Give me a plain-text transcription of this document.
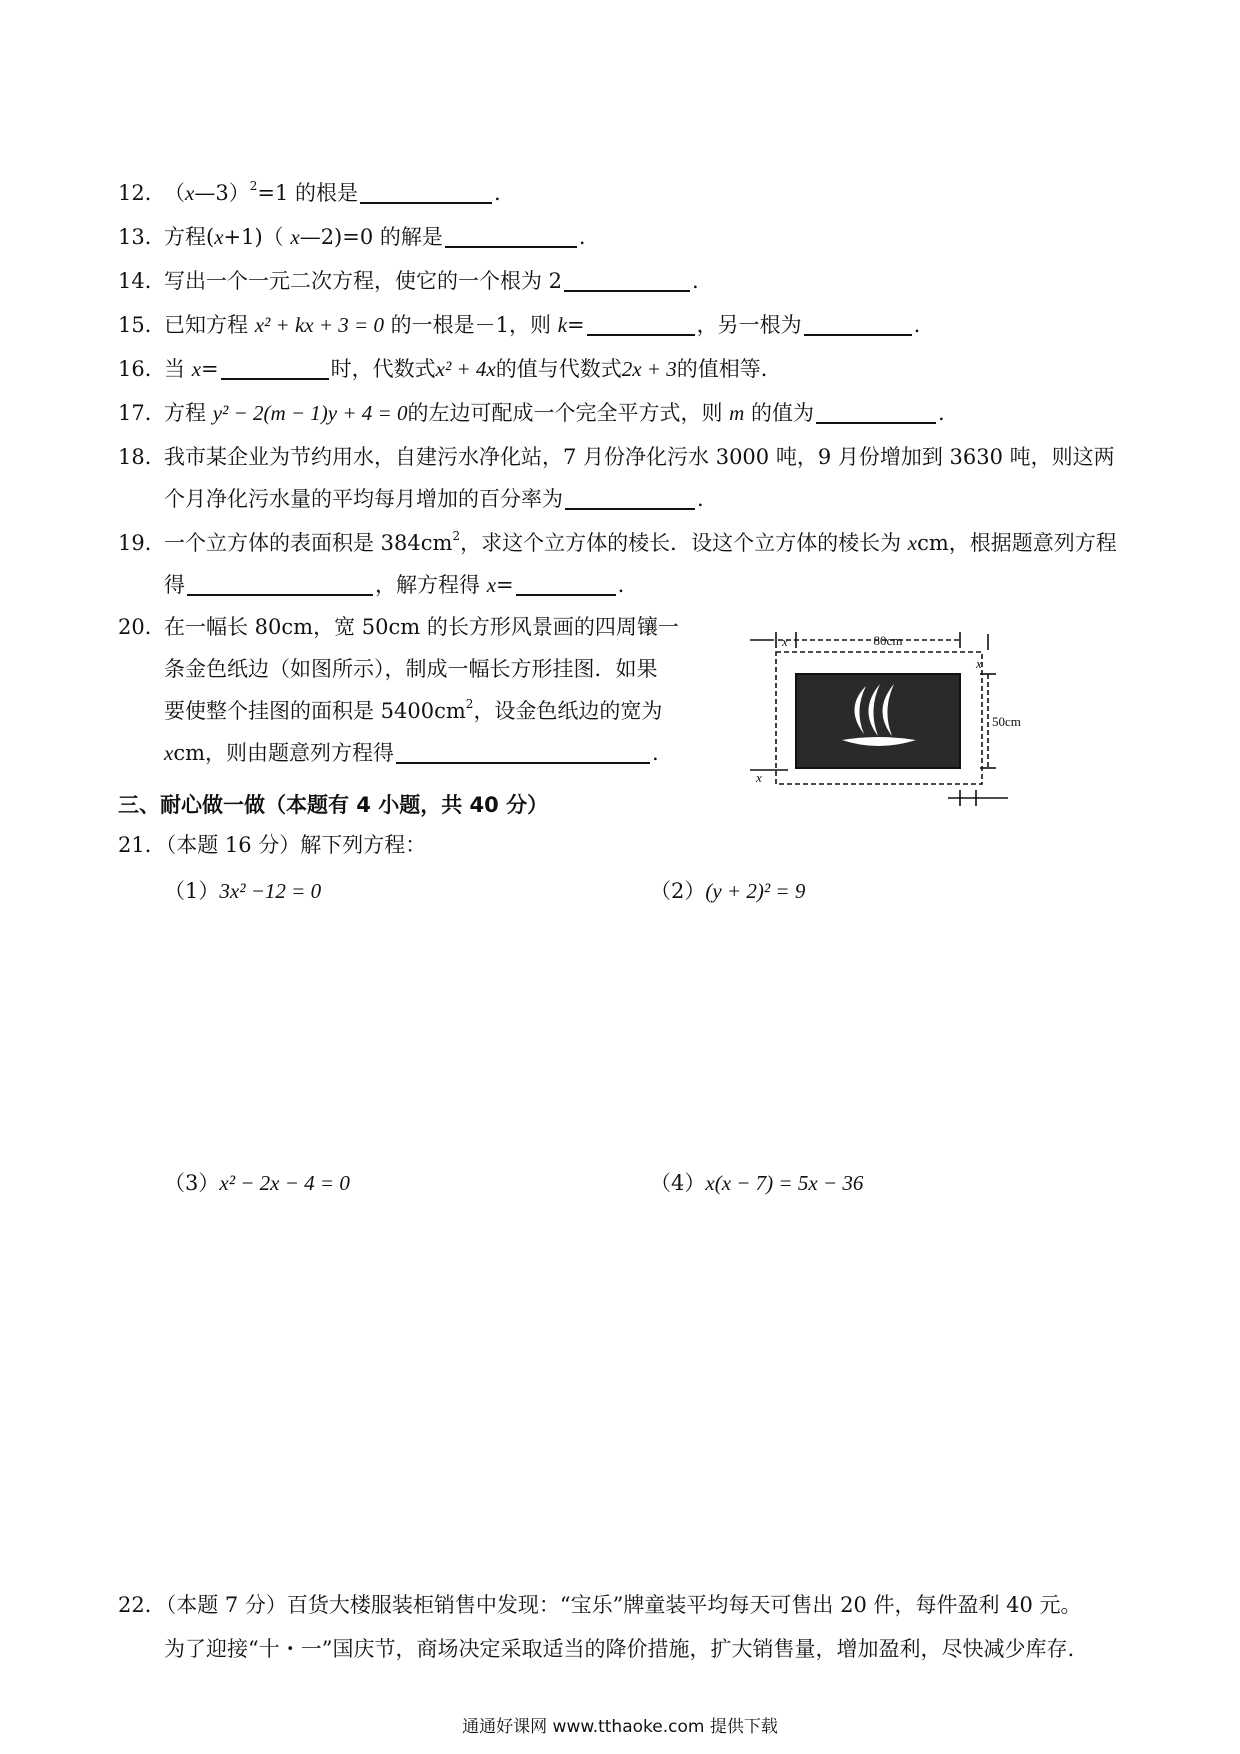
12．（x—3）$^2$=1 的根是	.
13．方程(x+1)（ x—2)=0 的解是	.
14．写出一个一元二次方程，使它的一个根为 2	.
15．已知方程 x² + kx + 3 = 0 的一根是－1，则 k=	，另一根为	.
16．当 x=	时，代数式x² + 4x的值与代数式2x + 3的值相等．
17．方程 y² − 2(m − 1)y + 4 = 0的左边可配成一个完全平方式，则 m 的值为	.
18．我市某企业为节约用水，自建污水净化站，7 月份净化污水 3000 吨，9 月份增加到 3630 吨，则这两
个月净化污水量的平均每月增加的百分率为	.
19．一个立方体的表面积是 $384cm^2$，求这个立方体的棱长．设这个立方体的棱长为 xcm，根据题意列方程
得	，解方程得 x=	.
20．在一幅长 80cm，宽 50cm 的长方形风景画的四周镶一
条金色纸边（如图所示），制成一幅长方形挂图．如果
要使整个挂图的面积是 $5400cm^2$，设金色纸边的宽为
xcm，则由题意列方程得	.
80cm
50cm
x
x
x
三、耐心做一做（本题有 4 小题，共 40 分）
21．（本题 16 分）解下列方程：
（1）3x² −12 = 0	（2）(y + 2)² = 9
（3）x² − 2x − 4 = 0	（4）x(x − 7) = 5x − 36
22．（本题 7 分）百货大楼服装柜销售中发现：“宝乐”牌童装平均每天可售出 20 件，每件盈利 40 元。
为了迎接“十・一”国庆节，商场决定采取适当的降价措施，扩大销售量，增加盈利，尽快减少库存.
通通好课网 www.tthaoke.com 提供下载
